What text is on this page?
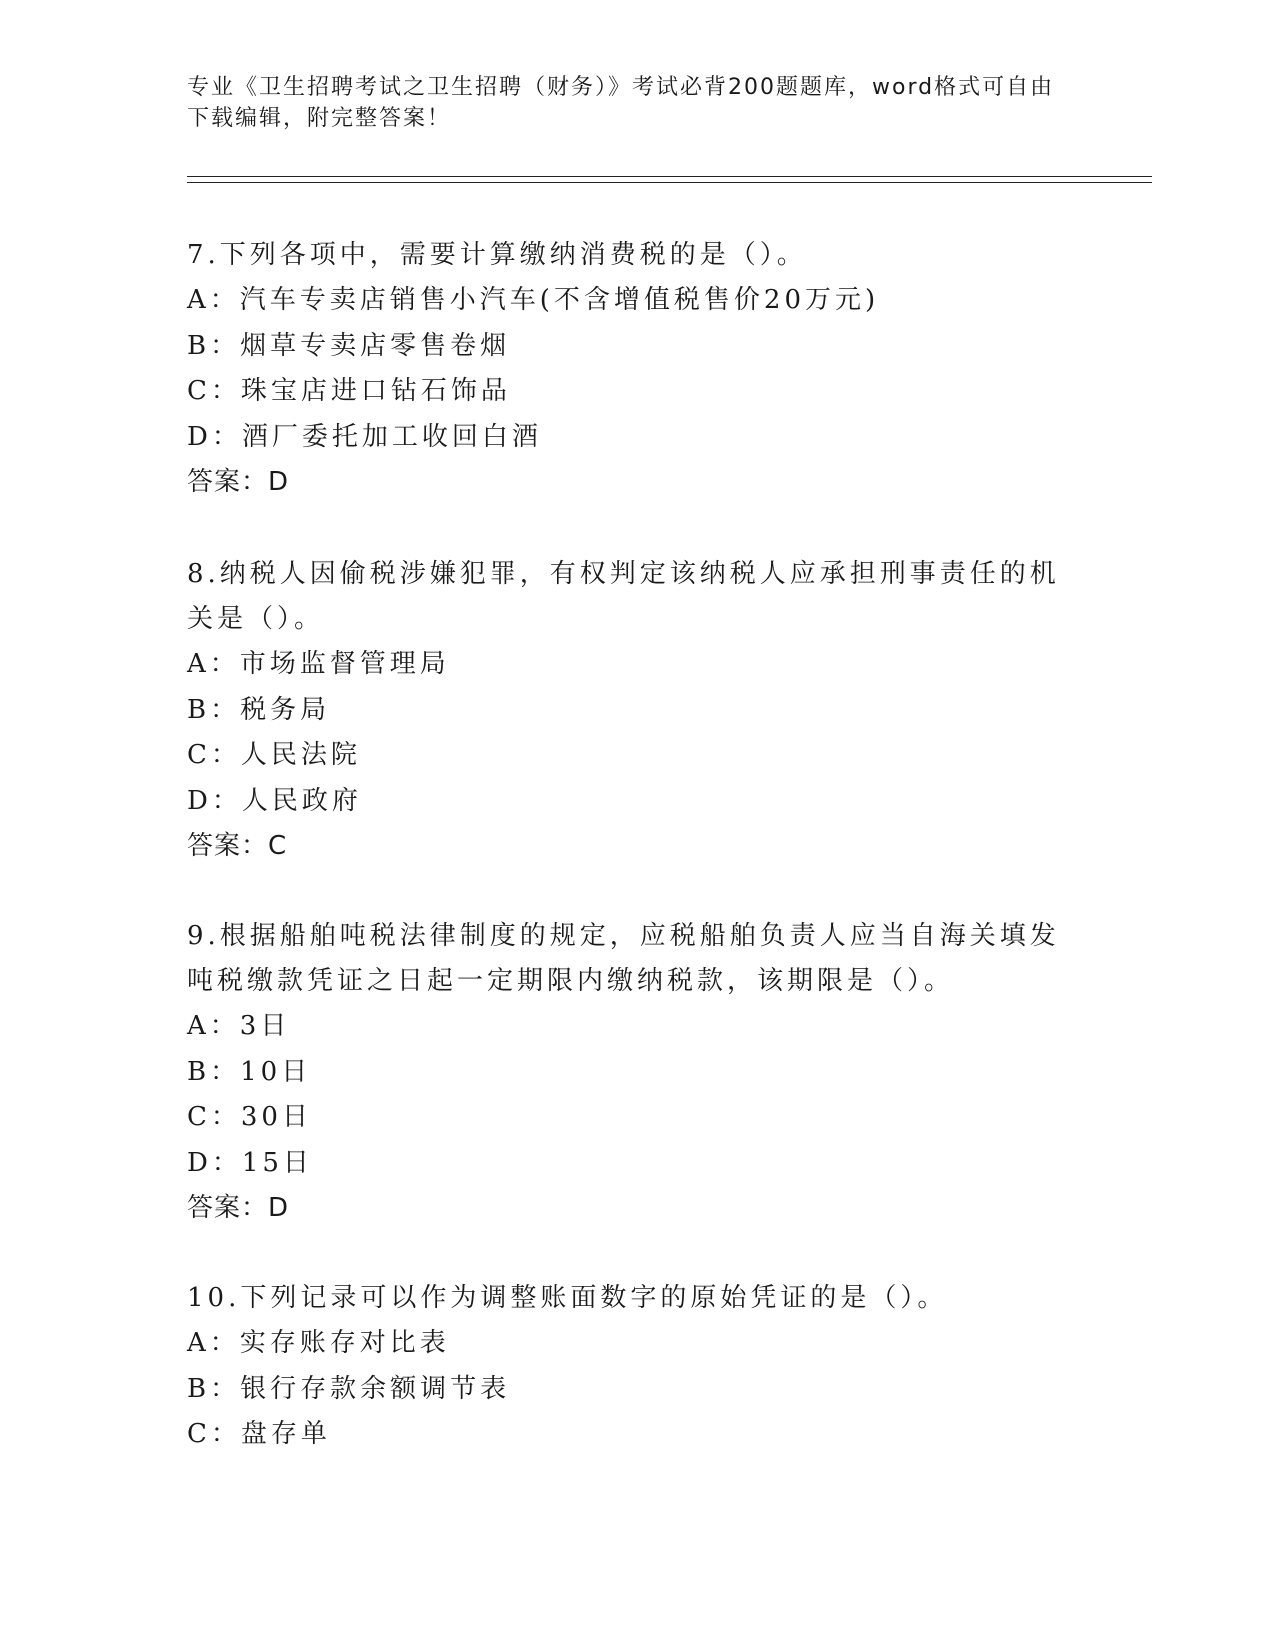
专业《卫生招聘考试之卫生招聘（财务）》考试必背200题题库，word格式可自由下载编辑，附完整答案！
7.下列各项中，需要计算缴纳消费税的是（）。
A：汽车专卖店销售小汽车(不含增值税售价20万元)
B：烟草专卖店零售卷烟
C：珠宝店进口钻石饰品
D：酒厂委托加工收回白酒
答案：D
8.纳税人因偷税涉嫌犯罪，有权判定该纳税人应承担刑事责任的机关是（）。
A：市场监督管理局
B：税务局
C：人民法院
D：人民政府
答案：C
9.根据船舶吨税法律制度的规定，应税船舶负责人应当自海关填发吨税缴款凭证之日起一定期限内缴纳税款，该期限是（）。
A：3日
B：10日
C：30日
D：15日
答案：D
10.下列记录可以作为调整账面数字的原始凭证的是（）。
A：实存账存对比表
B：银行存款余额调节表
C：盘存单
